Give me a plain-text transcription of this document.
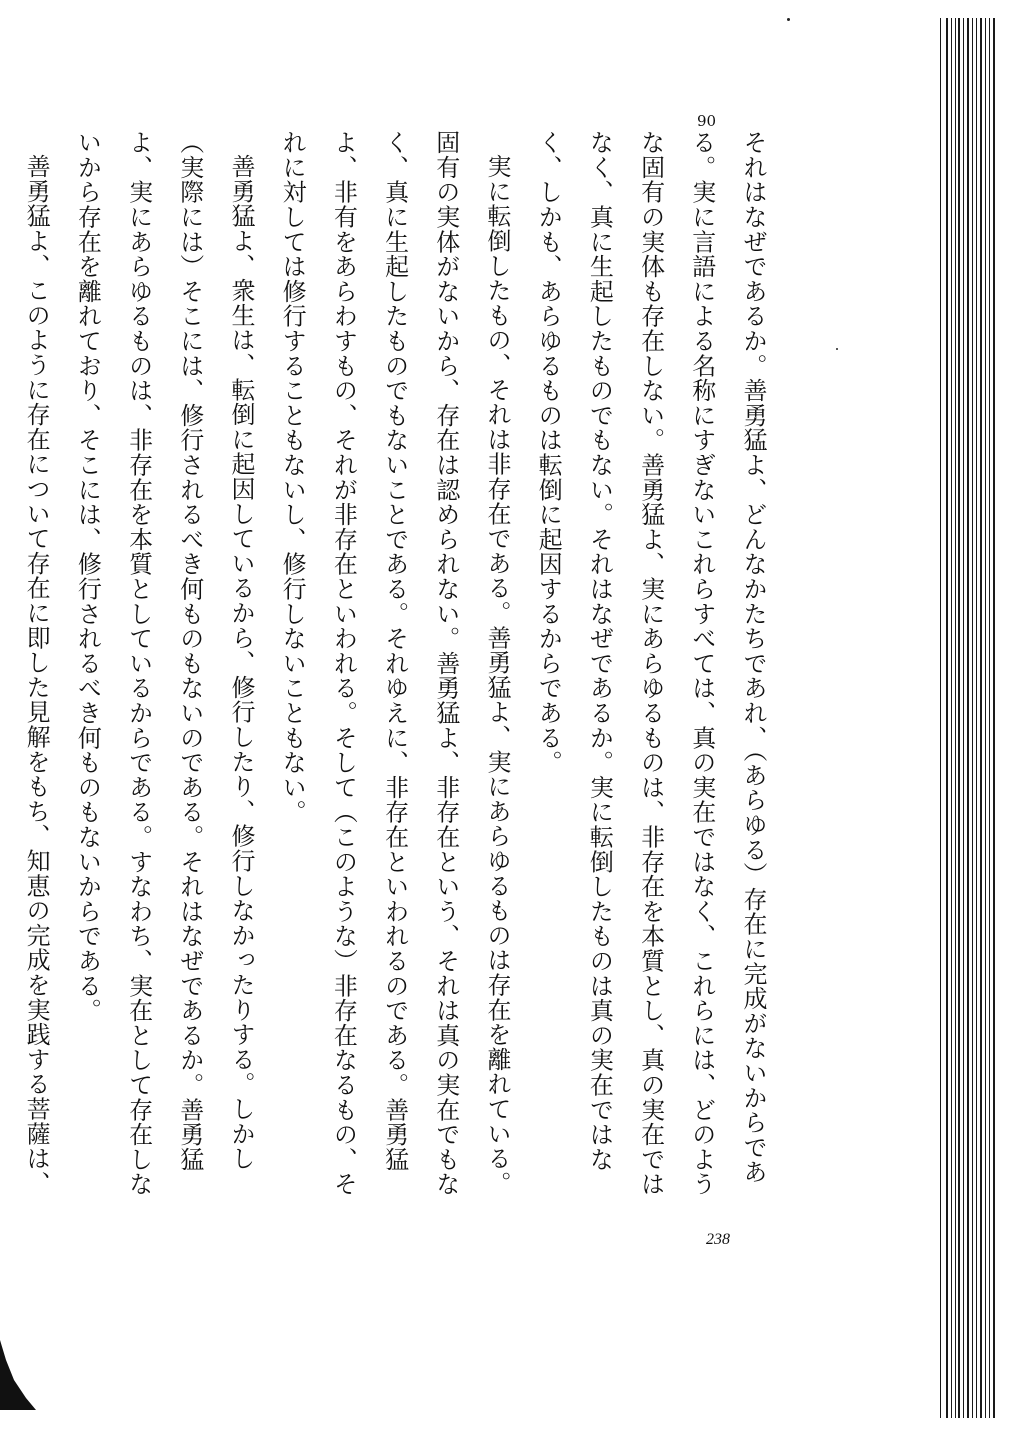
90

それはなぜであるか。善勇猛よ、どんなかたちであれ、（あらゆる）存在に完成がないからである。実に言語による名称にすぎないこれらすべては、真の実在ではなく、これらには、どのような固有の実体も存在しない。善勇猛よ、実にあらゆるものは、非存在を本質とし、真の実在ではなく、真に生起したものでもない。それはなぜであるか。実に転倒したものは真の実在ではなく、しかも、あらゆるものは転倒に起因するからである。

実に転倒したもの、それは非存在である。善勇猛よ、実にあらゆるものは存在を離れている。固有の実体がないから、存在は認められない。善勇猛よ、非存在という、それは真の実在でもなく、真に生起したものでもないことである。それゆえに、非存在といわれるのである。善勇猛よ、非有をあらわすもの、それが非存在といわれる。そして（このような）非存在なるもの、それに対しては修行することもないし、修行しないこともない。

善勇猛よ、衆生は、転倒に起因しているから、修行したり、修行しなかったりする。しかし（実際には）そこには、修行されるべき何ものもないのである。それはなぜであるか。善勇猛よ、実にあらゆるものは、非存在を本質としているからである。すなわち、実在として存在しないから存在を離れており、そこには、修行されるべき何ものもないからである。

善勇猛よ、このように存在について存在に即した見解をもち、知恵の完成を実践する菩薩は、

238
